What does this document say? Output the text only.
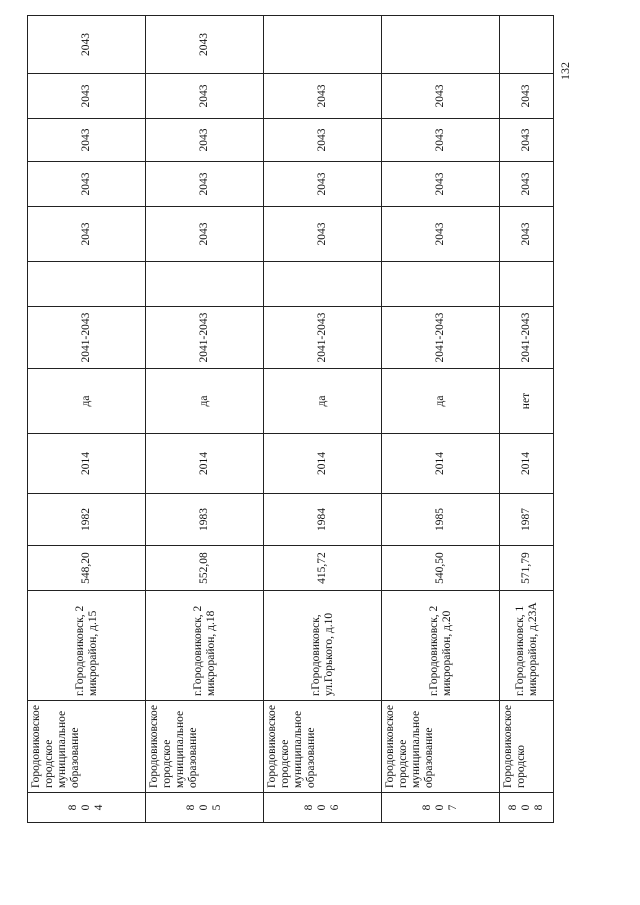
8 0 4	Городовиковское городское муниципальное образование	г.Городовиковск, 2 микрорайон, д.15	548,20	1982	2014	да	2041-2043		2043	2043	2043	2043	2043

8 0 5	Городовиковское городское муниципальное образование	г.Городовиковск, 2 микрорайон, д.18	552,08	1983	2014	да	2041-2043		2043	2043	2043	2043	2043

8 0 6	Городовиковское городское муниципальное образование	г.Городовиковск, ул.Горького, д.10	415,72	1984	2014	да	2041-2043		2043	2043	2043	2043	

8 0 7	Городовиковское городское муниципальное образование	г.Городовиковск, 2 микрорайон, д.20	540,50	1985	2014	да	2041-2043		2043	2043	2043	2043	

8 0 8	Городовиковское городско	г.Городовиковск, 1 микрорайон, д.23А	571,79	1987	2014	нет	2041-2043		2043	2043	2043	2043	
132
